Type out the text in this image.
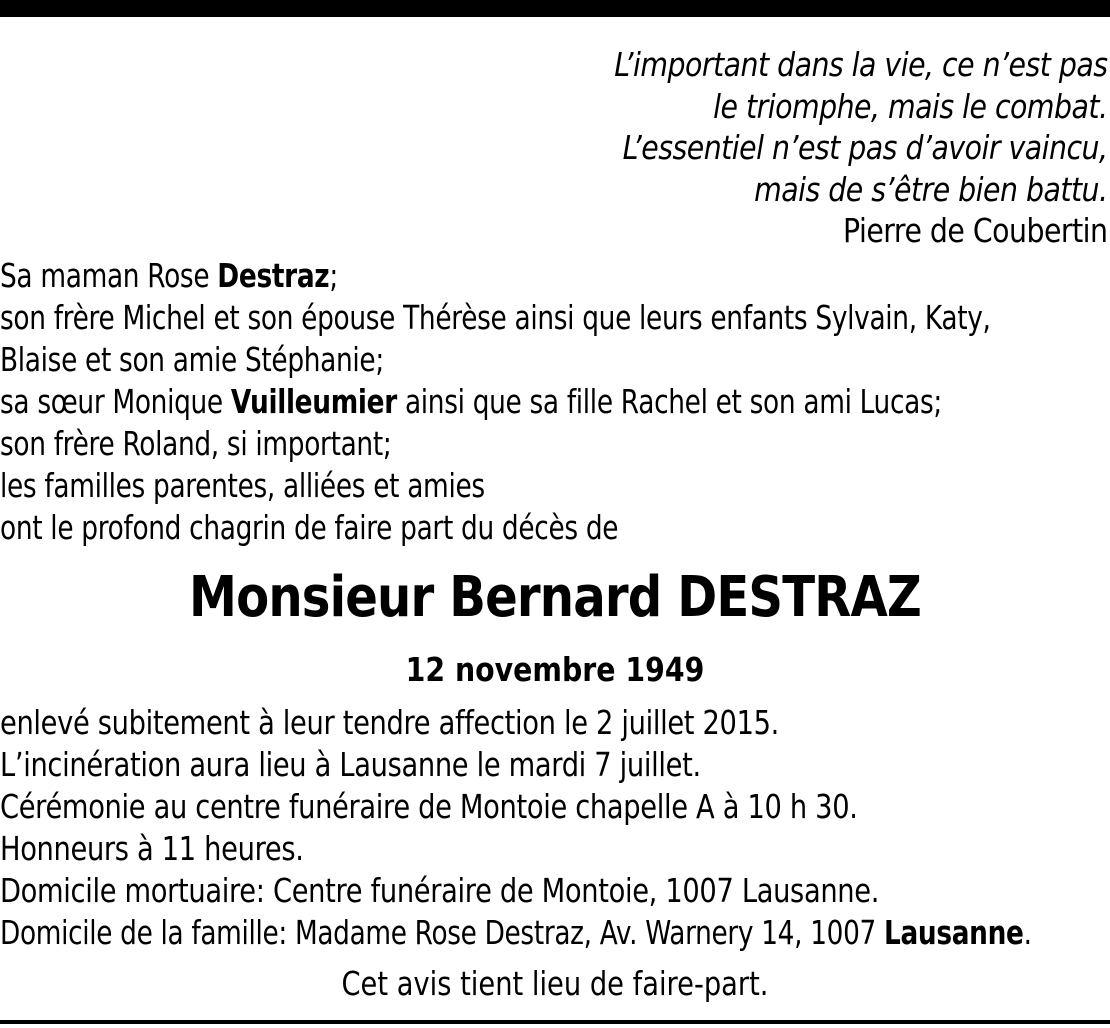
L’important dans la vie, ce n’est pas
le triomphe, mais le combat.
L’essentiel n’est pas d’avoir vaincu,
mais de s’être bien battu.
Pierre de Coubertin
Sa maman Rose Destraz;
son frère Michel et son épouse Thérèse ainsi que leurs enfants Sylvain, Katy,
Blaise et son amie Stéphanie;
sa sœur Monique Vuilleumier ainsi que sa fille Rachel et son ami Lucas;
son frère Roland, si important;
les familles parentes, alliées et amies
ont le profond chagrin de faire part du décès de
Monsieur Bernard DESTRAZ
12 novembre 1949
enlevé subitement à leur tendre affection le 2 juillet 2015.
L’incinération aura lieu à Lausanne le mardi 7 juillet.
Cérémonie au centre funéraire de Montoie chapelle A à 10 h 30.
Honneurs à 11 heures.
Domicile mortuaire: Centre funéraire de Montoie, 1007 Lausanne.
Domicile de la famille: Madame Rose Destraz, Av. Warnery 14, 1007 Lausanne.
Cet avis tient lieu de faire-part.
